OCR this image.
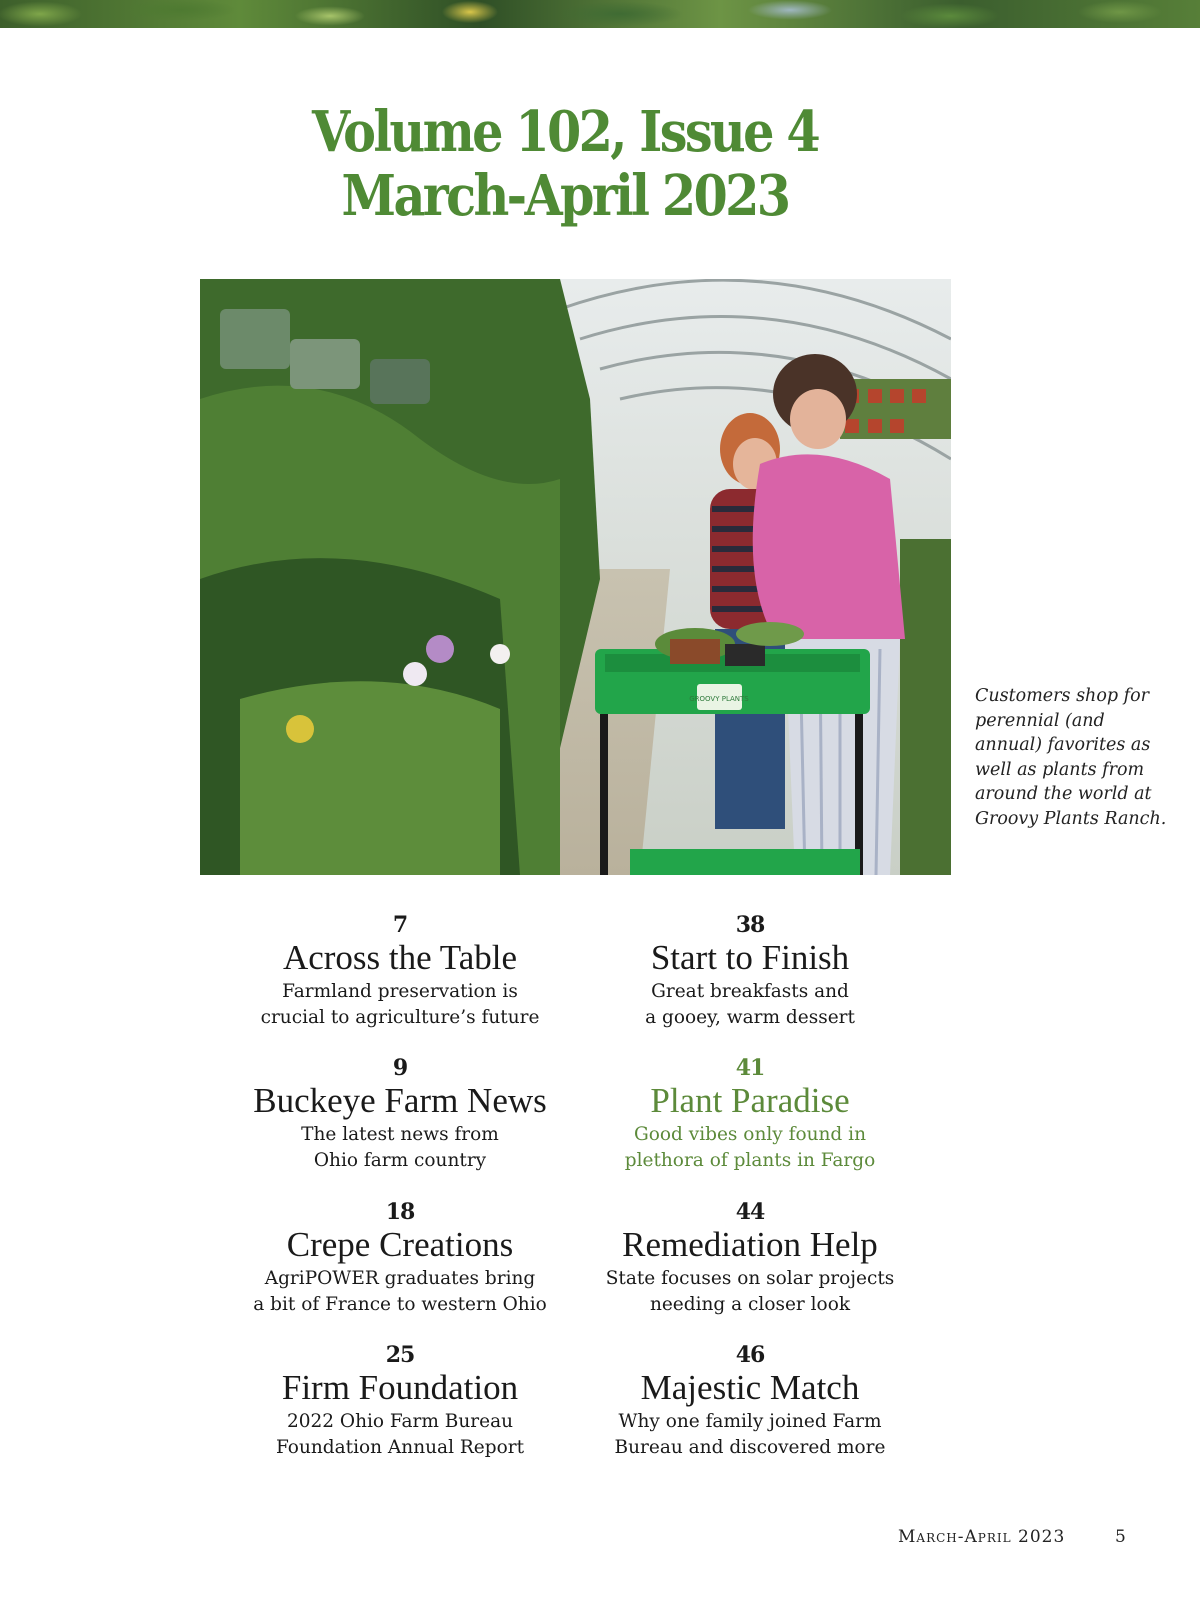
Volume 102, Issue 4
March-April 2023
GROOVY PLANTS	Customers shop for perennial (and annual) favorites as well as plants from around the world at Groovy Plants Ranch.
7
Across the Table
Farmland preservation is
crucial to agriculture’s future
9
Buckeye Farm News
The latest news from
Ohio farm country
18
Crepe Creations
AgriPOWER graduates bring
a bit of France to western Ohio
25
Firm Foundation
2022 Ohio Farm Bureau
Foundation Annual Report
38
Start to Finish
Great breakfasts and
a gooey, warm dessert
41
Plant Paradise
Good vibes only found in
plethora of plants in Fargo
44
Remediation Help
State focuses on solar projects
needing a closer look
46
Majestic Match
Why one family joined Farm
Bureau and discovered more
March-April 2023	5
